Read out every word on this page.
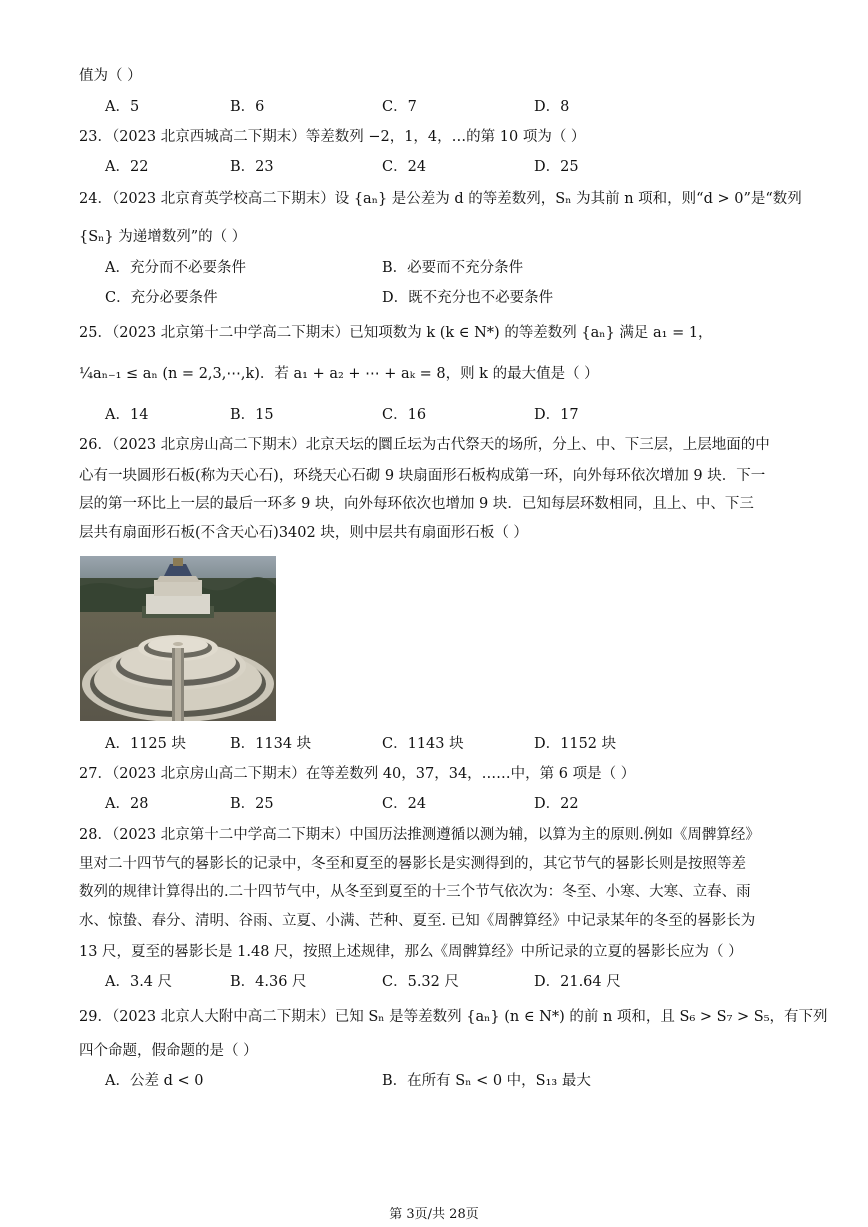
值为（ ）
A．5	B．6	C．7	D．8
23．（2023 北京西城高二下期末）等差数列 −2，1，4，…的第 10 项为（ ）
A．22	B．23	C．24	D．25
24．（2023 北京育英学校高二下期末）设 {aₙ} 是公差为 d 的等差数列，Sₙ 为其前 n 项和，则“d > 0”是“数列
{Sₙ} 为递增数列”的（ ）
A．充分而不必要条件	B．必要而不充分条件
C．充分必要条件	D．既不充分也不必要条件
25．（2023 北京第十二中学高二下期末）已知项数为 k (k ∈ N*) 的等差数列 {aₙ} 满足 a₁ = 1，
¼aₙ₋₁ ≤ aₙ (n = 2,3,⋯,k)．若 a₁ + a₂ + ⋯ + aₖ = 8，则 k 的最大值是（ ）
A．14	B．15	C．16	D．17
26．（2023 北京房山高二下期末）北京天坛的圜丘坛为古代祭天的场所，分上、中、下三层，上层地面的中
心有一块圆形石板(称为天心石)，环绕天心石砌 9 块扇面形石板构成第一环，向外每环依次增加 9 块．下一
层的第一环比上一层的最后一环多 9 块，向外每环依次也增加 9 块．已知每层环数相同，且上、中、下三
层共有扇面形石板(不含天心石)3402 块，则中层共有扇面形石板（ ）
A．1125 块	B．1134 块	C．1143 块	D．1152 块
27．（2023 北京房山高二下期末）在等差数列 40，37，34，……中，第 6 项是（ ）
A．28	B．25	C．24	D．22
28．（2023 北京第十二中学高二下期末）中国历法推测遵循以测为辅，以算为主的原则.例如《周髀算经》
里对二十四节气的晷影长的记录中，冬至和夏至的晷影长是实测得到的，其它节气的晷影长则是按照等差
数列的规律计算得出的.二十四节气中，从冬至到夏至的十三个节气依次为：冬至、小寒、大寒、立春、雨
水、惊蛰、春分、清明、谷雨、立夏、小满、芒种、夏至. 已知《周髀算经》中记录某年的冬至的晷影长为
13 尺，夏至的晷影长是 1.48 尺，按照上述规律，那么《周髀算经》中所记录的立夏的晷影长应为（ ）
A．3.4 尺	B．4.36 尺	C．5.32 尺	D．21.64 尺
29．（2023 北京人大附中高二下期末）已知 Sₙ 是等差数列 {aₙ} (n ∈ N*) 的前 n 项和，且 S₆ > S₇ > S₅，有下列
四个命题，假命题的是（ ）
A．公差 d < 0	B．在所有 Sₙ < 0 中，S₁₃ 最大
第 3页/共 28页
